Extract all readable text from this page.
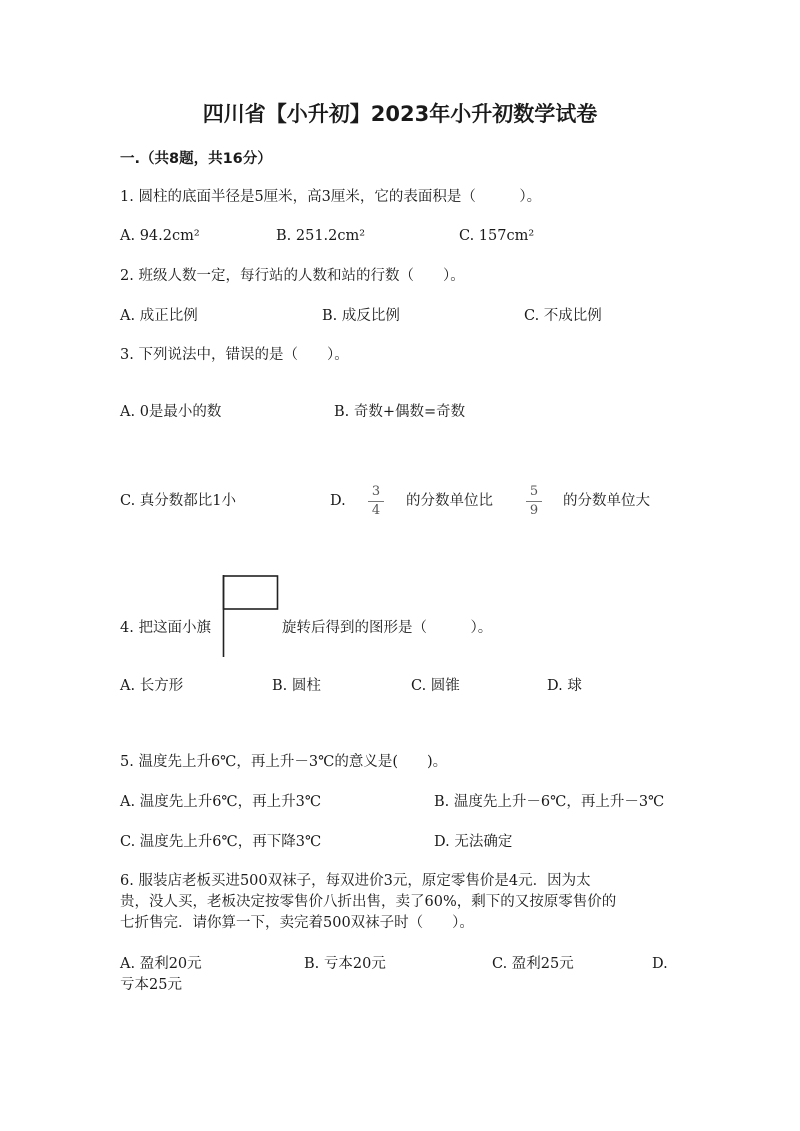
四川省【小升初】2023年小升初数学试卷
一.（共8题，共16分）
1. 圆柱的底面半径是5厘米，高3厘米，它的表面积是（　　　）。
A. 94.2cm²	B. 251.2cm²	C. 157cm²
2. 班级人数一定，每行站的人数和站的行数（　　）。
A. 成正比例	B. 成反比例	C. 不成比例
3. 下列说法中，错误的是（　　）。
A. 0是最小的数	B. 奇数+偶数=奇数
C. 真分数都比1小	D.
3
4
的分数单位比
5
9
的分数单位大
4. 把这面小旗	旋转后得到的图形是（　　　）。
A. 长方形	B. 圆柱	C. 圆锥	D. 球
5. 温度先上升6℃，再上升－3℃的意义是(　　)。
A. 温度先上升6℃，再上升3℃	B. 温度先上升－6℃，再上升－3℃
C. 温度先上升6℃，再下降3℃	D. 无法确定
6. 服装店老板买进500双袜子，每双进价3元，原定零售价是4元．因为太
贵，没人买，老板决定按零售价八折出售，卖了60%，剩下的又按原零售价的
七折售完．请你算一下，卖完着500双袜子时（　　）。
A. 盈利20元	B. 亏本20元	C. 盈利25元	D.
亏本25元
